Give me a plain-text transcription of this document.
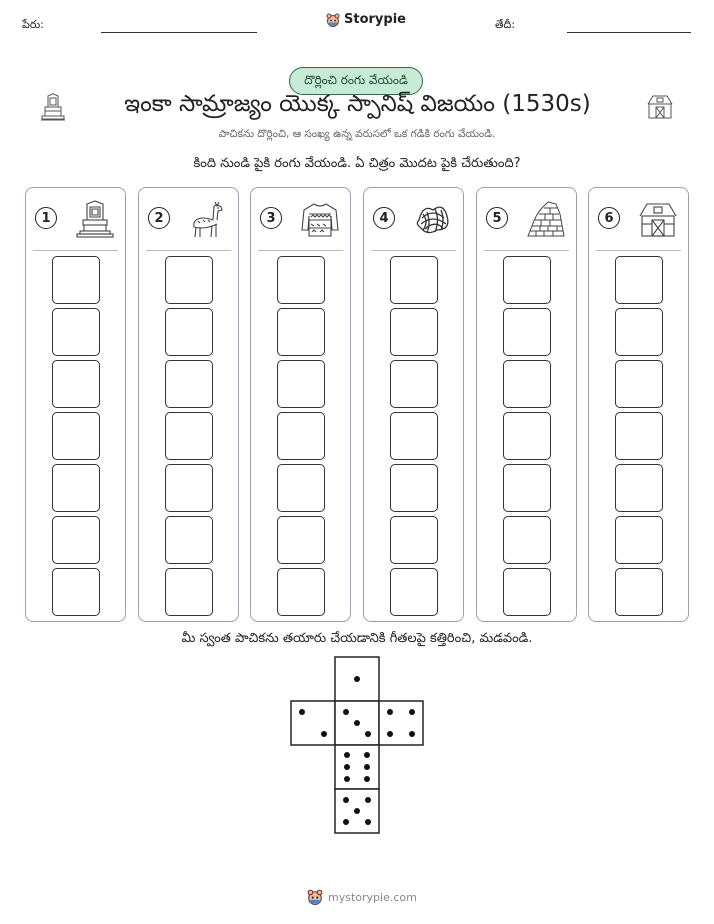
పేరు:	Storypie	తేదీ:
దొర్లించి రంగు వేయండి
ఇంకా సామ్రాజ్యం యొక్క స్పానిష్ విజయం (1530s)
పాచికను దొర్లించి, ఆ సంఖ్య ఉన్న వరుసలో ఒక గడికి రంగు వేయండి.
కింది నుండి పైకి రంగు వేయండి. ఏ చిత్రం మొదట పైకి చేరుతుంది?
1	2	3	4	5	6
మీ స్వంత పాచికను తయారు చేయడానికి గీతలపై కత్తిరించి, మడవండి.
mystorypie.com
